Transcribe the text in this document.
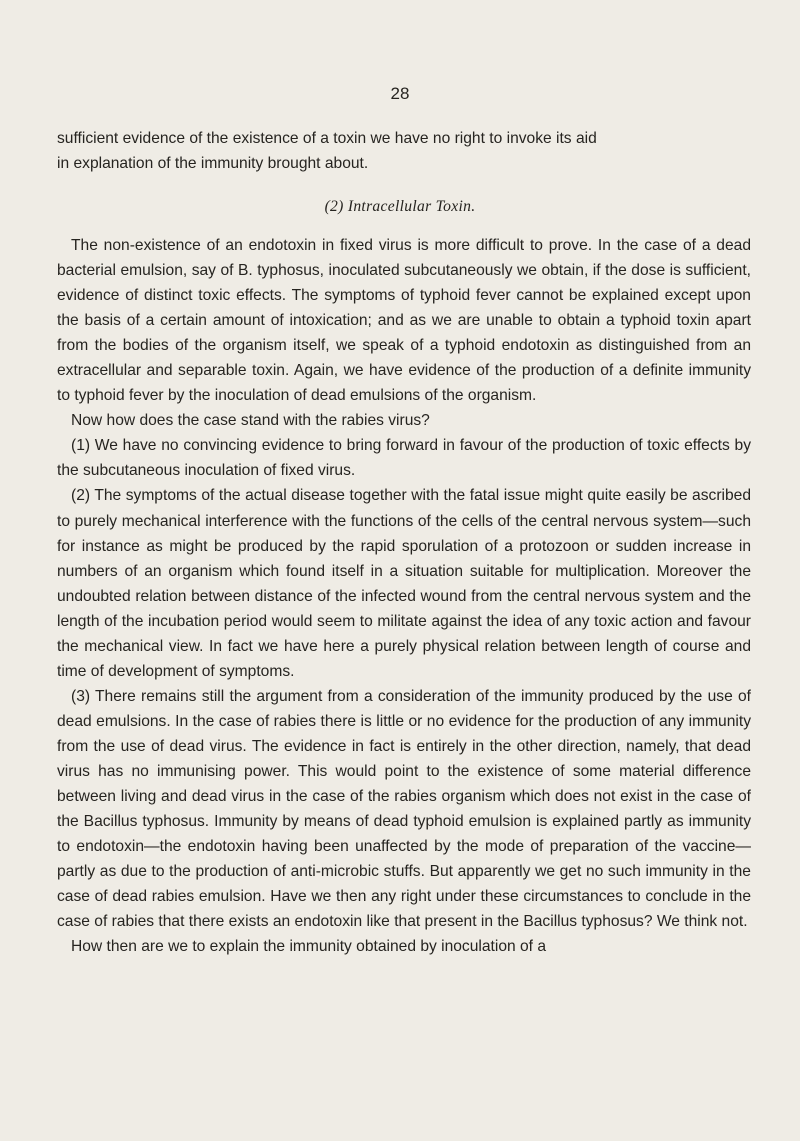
28

sufficient evidence of the existence of a toxin we have no right to invoke its aid

in explanation of the immunity brought about.

(2) Intracellular Toxin.

The non-existence of an endotoxin in fixed virus is more difficult to prove. In the case of a dead bacterial emulsion, say of B. typhosus, inoculated subcutaneously we obtain, if the dose is sufficient, evidence of distinct toxic effects. The symptoms of typhoid fever cannot be explained except upon the basis of a certain amount of intoxication; and as we are unable to obtain a typhoid toxin apart from the bodies of the organism itself, we speak of a typhoid endotoxin as distinguished from an extracellular and separable toxin. Again, we have evidence of the production of a definite immunity to typhoid fever by the inoculation of dead emulsions of the organism.

Now how does the case stand with the rabies virus?

(1) We have no convincing evidence to bring forward in favour of the production of toxic effects by the subcutaneous inoculation of fixed virus.

(2) The symptoms of the actual disease together with the fatal issue might quite easily be ascribed to purely mechanical interference with the functions of the cells of the central nervous system—such for instance as might be produced by the rapid sporulation of a protozoon or sudden increase in numbers of an organism which found itself in a situation suitable for multiplication. Moreover the undoubted relation between distance of the infected wound from the central nervous system and the length of the incubation period would seem to militate against the idea of any toxic action and favour the mechanical view. In fact we have here a purely physical relation between length of course and time of development of symptoms.

(3) There remains still the argument from a consideration of the immunity produced by the use of dead emulsions. In the case of rabies there is little or no evidence for the production of any immunity from the use of dead virus. The evidence in fact is entirely in the other direction, namely, that dead virus has no immunising power. This would point to the existence of some material difference between living and dead virus in the case of the rabies organism which does not exist in the case of the Bacillus typhosus. Immunity by means of dead typhoid emulsion is explained partly as immunity to endotoxin—the endotoxin having been unaffected by the mode of preparation of the vaccine—partly as due to the production of anti-microbic stuffs. But apparently we get no such immunity in the case of dead rabies emulsion. Have we then any right under these circumstances to conclude in the case of rabies that there exists an endotoxin like that present in the Bacillus typhosus? We think not.

How then are we to explain the immunity obtained by inoculation of a
